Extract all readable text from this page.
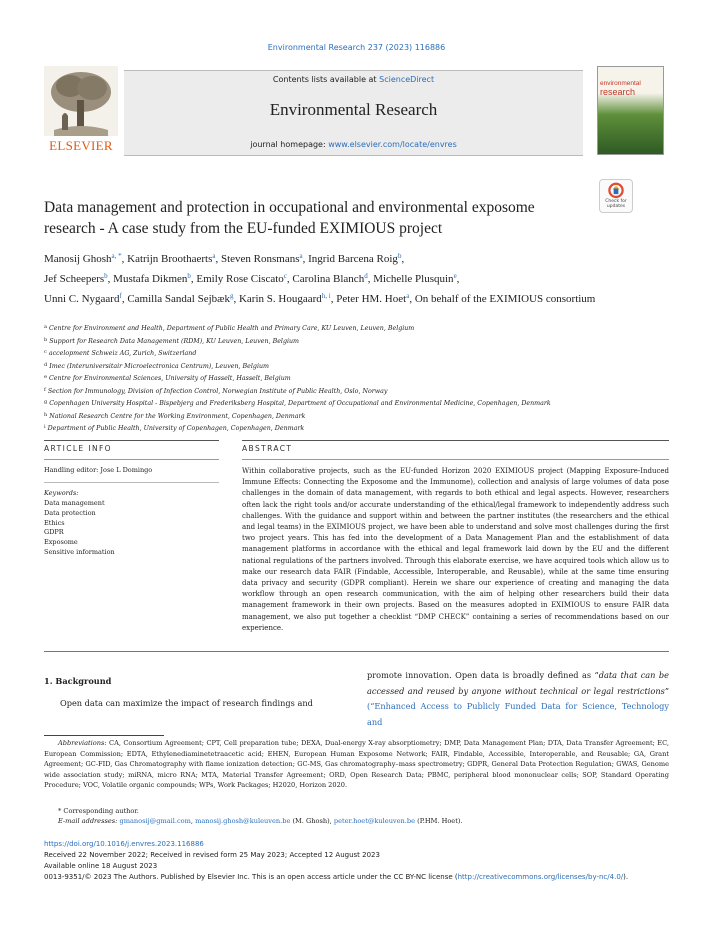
Environmental Research 237 (2023) 116886
Contents lists available at ScienceDirect
Environmental Research
journal homepage: www.elsevier.com/locate/envres
ELSEVIER
environmental
research
Check for updates
Data management and protection in occupational and environmental exposome research - A case study from the EU-funded EXIMIOUS project
Manosij Ghosh$^{a, *}$, Katrijn Broothaerts$^a$, Steven Ronsmans$^a$, Ingrid Barcena Roig$^b$,
Jef Scheepers$^b$, Mustafa Dikmen$^b$, Emily Rose Ciscato$^c$, Carolina Blanch$^d$, Michelle Plusquin$^e$,
Unni C. Nygaard$^f$, Camilla Sandal Sejbæk$^g$, Karin S. Hougaard$^{h, i}$, Peter HM. Hoet$^a$, On behalf of the EXIMIOUS consortium
$^a$ Centre for Environment and Health, Department of Public Health and Primary Care, KU Leuven, Leuven, Belgium
$^b$ Support for Research Data Management (RDM), KU Leuven, Leuven, Belgium
$^c$ accelopment Schweiz AG, Zurich, Switzerland
$^d$ Imec (Interuniversitair Microelectronica Centrum), Leuven, Belgium
$^e$ Centre for Environmental Sciences, University of Hasselt, Hasselt, Belgium
$^f$ Section for Immunology, Division of Infection Control, Norwegian Institute of Public Health, Oslo, Norway
$^g$ Copenhagen University Hospital - Bispebjerg and Frederiksberg Hospital, Department of Occupational and Environmental Medicine, Copenhagen, Denmark
$^h$ National Research Centre for the Working Environment, Copenhagen, Denmark
$^i$ Department of Public Health, University of Copenhagen, Copenhagen, Denmark
ARTICLE INFO	ABSTRACT
Handling editor: Jose L Domingo
Keywords:
Data management
Data protection
Ethics
GDPR
Exposome
Sensitive information

Within collaborative projects, such as the EU-funded Horizon 2020 EXIMIOUS project (Mapping Exposure-Induced Immune Effects: Connecting the Exposome and the Immunome), collection and analysis of large volumes of data pose challenges in the domain of data management, with regards to both ethical and legal aspects. However, researchers often lack the right tools and/or accurate understanding of the ethical/legal framework to independently address such challenges. With the guidance and support within and between the partner institutes (the researchers and the ethical and legal teams) in the EXIMIOUS project, we have been able to understand and solve most challenges during the first two project years. This has fed into the development of a Data Management Plan and the establishment of data management platforms in accordance with the ethical and legal framework laid down by the EU and the different national regulations of the partners involved. Through this elaborate exercise, we have acquired tools which allow us to make our research data FAIR (Findable, Accessible, Interoperable, and Reusable), while at the same time ensuring data privacy and security (GDPR compliant). Herein we share our experience of creating and managing the data workflow through an open research communication, with the aim of helping other researchers build their data management framework in their own projects. Based on the measures adopted in EXIMIOUS to ensure FAIR data management, we also put together a checklist “DMP CHECK” containing a series of recommendations based on our experience.

1. Background

Open data can maximize the impact of research findings and

promote innovation. Open data is broadly defined as “data that can be accessed and reused by anyone without technical or legal restrictions” (“Enhanced Access to Publicly Funded Data for Science, Technology and

Abbreviations: CA, Consortium Agreement; CPT, Cell preparation tube; DEXA, Dual-energy X-ray absorptiometry; DMP, Data Management Plan; DTA, Data Transfer Agreement; EC, European Commission; EDTA, Ethylenediaminetetraacetic acid; EHEN, European Human Exposome Network; FAIR, Findable, Accessible, Interoperable, and Reusable; GA, Grant Agreement; GC-FID, Gas Chromatography with flame ionization detection; GC-MS, Gas chromatography–mass spectrometry; GDPR, General Data Protection Regulation; GWAS, Genome wide association study; miRNA, micro RNA; MTA, Material Transfer Agreement; ORD, Open Research Data; PBMC, peripheral blood mononuclear cells; SOP, Standard Operating Procedure; VOC, Volatile organic compounds; WPs, Work Packages; H2020, Horizon 2020.

* Corresponding author.
E-mail addresses: gmanosij@gmail.com, manosij.ghosh@kuleuven.be (M. Ghosh), peter.hoet@kuleuven.be (P.HM. Hoet).
https://doi.org/10.1016/j.envres.2023.116886
Received 22 November 2022; Received in revised form 25 May 2023; Accepted 12 August 2023
Available online 18 August 2023
0013-9351/© 2023 The Authors. Published by Elsevier Inc. This is an open access article under the CC BY-NC license (http://creativecommons.org/licenses/by-nc/4.0/).
